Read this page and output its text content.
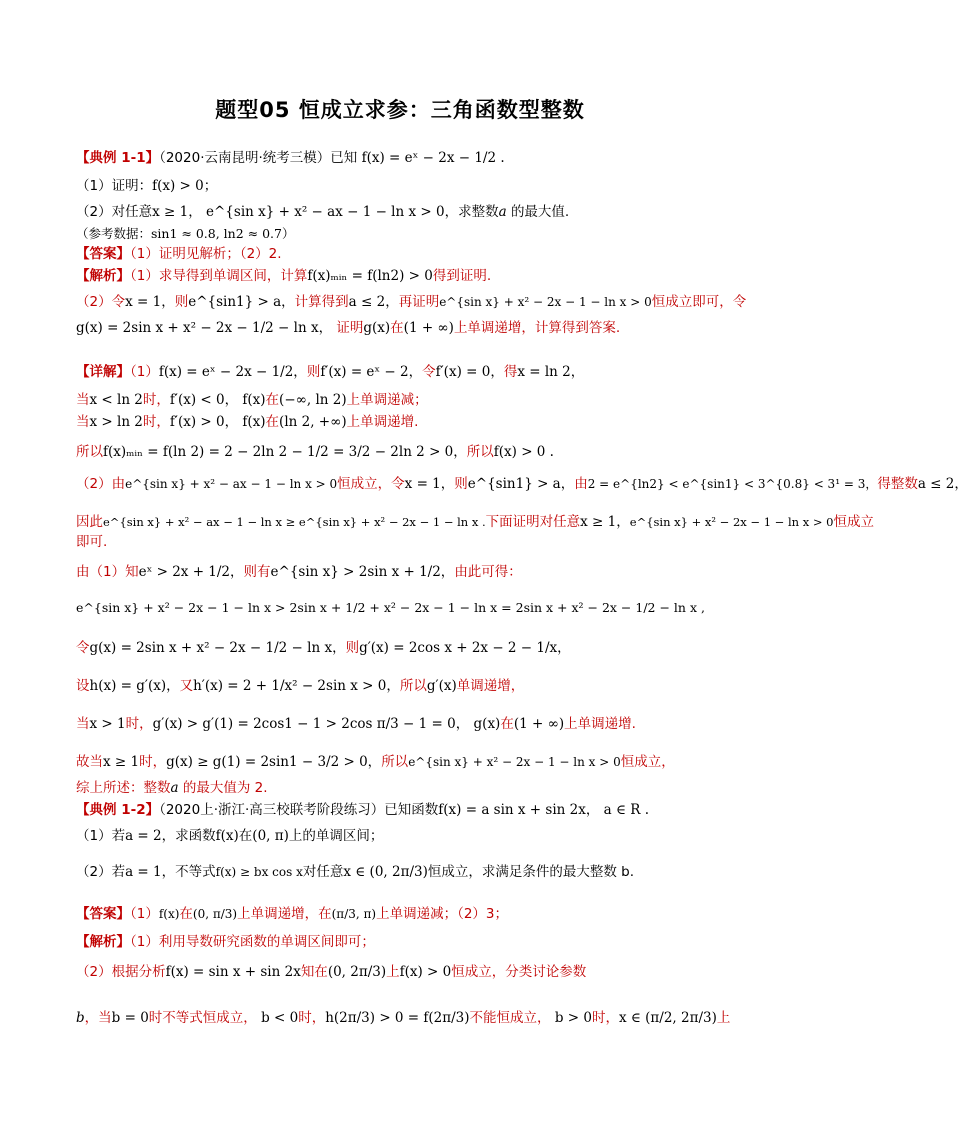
题型05 恒成立求参：三角函数型整数
【典例 1-1】（2020·云南昆明·统考三模）已知 f(x) = eˣ − 2x − 1/2 .
（1）证明：f(x) > 0；
（2）对任意x ≥ 1， e^{sin x} + x² − ax − 1 − ln x > 0，求整数a 的最大值.
（参考数据：sin1 ≈ 0.8, ln2 ≈ 0.7）
【答案】（1）证明见解析；（2）2.
【解析】（1）求导得到单调区间，计算f(x)ₘᵢₙ = f(ln2) > 0得到证明.
（2）令x = 1，则e^{sin1} > a，计算得到a ≤ 2，再证明e^{sin x} + x² − 2x − 1 − ln x > 0恒成立即可，令
g(x) = 2sin x + x² − 2x − 1/2 − ln x， 证明g(x)在(1 + ∞)上单调递增，计算得到答案.
【详解】（1）f(x) = eˣ − 2x − 1/2，则f′(x) = eˣ − 2，令f′(x) = 0，得x = ln 2，
当x < ln 2时，f′(x) < 0， f(x)在(−∞, ln 2)上单调递减；
当x > ln 2时，f′(x) > 0， f(x)在(ln 2, +∞)上单调递增.
所以f(x)ₘᵢₙ = f(ln 2) = 2 − 2ln 2 − 1/2 = 3/2 − 2ln 2 > 0，所以f(x) > 0 .
（2）由e^{sin x} + x² − ax − 1 − ln x > 0恒成立，令x = 1，则e^{sin1} > a，由2 = e^{ln2} < e^{sin1} < 3^{0.8} < 3¹ = 3，得整数a ≤ 2，
因此e^{sin x} + x² − ax − 1 − ln x ≥ e^{sin x} + x² − 2x − 1 − ln x .下面证明对任意x ≥ 1，e^{sin x} + x² − 2x − 1 − ln x > 0恒成立
即可.
由（1）知eˣ > 2x + 1/2，则有e^{sin x} > 2sin x + 1/2，由此可得：
e^{sin x} + x² − 2x − 1 − ln x > 2sin x + 1/2 + x² − 2x − 1 − ln x = 2sin x + x² − 2x − 1/2 − ln x ,
令g(x) = 2sin x + x² − 2x − 1/2 − ln x，则g′(x) = 2cos x + 2x − 2 − 1/x，
设h(x) = g′(x)，又h′(x) = 2 + 1/x² − 2sin x > 0，所以g′(x)单调递增，
当x > 1时，g′(x) > g′(1) = 2cos1 − 1 > 2cos π/3 − 1 = 0， g(x)在(1 + ∞)上单调递增.
故当x ≥ 1时，g(x) ≥ g(1) = 2sin1 − 3/2 > 0，所以e^{sin x} + x² − 2x − 1 − ln x > 0恒成立，
综上所述：整数a 的最大值为 2.
【典例 1-2】（2020上·浙江·高三校联考阶段练习）已知函数f(x) = a sin x + sin 2x， a ∈ R .
（1）若a = 2，求函数f(x)在(0, π)上的单调区间；
（2）若a = 1，不等式f(x) ≥ bx cos x对任意x ∈ (0, 2π/3)恒成立，求满足条件的最大整数 b.
【答案】（1）f(x)在(0, π/3)上单调递增，在(π/3, π)上单调递减；（2）3；
【解析】（1）利用导数研究函数的单调区间即可；
（2）根据分析f(x) = sin x + sin 2x知在(0, 2π/3)上f(x) > 0恒成立，分类讨论参数
b，当b = 0时不等式恒成立， b < 0时，h(2π/3) > 0 = f(2π/3)不能恒成立， b > 0时，x ∈ (π/2, 2π/3)上
